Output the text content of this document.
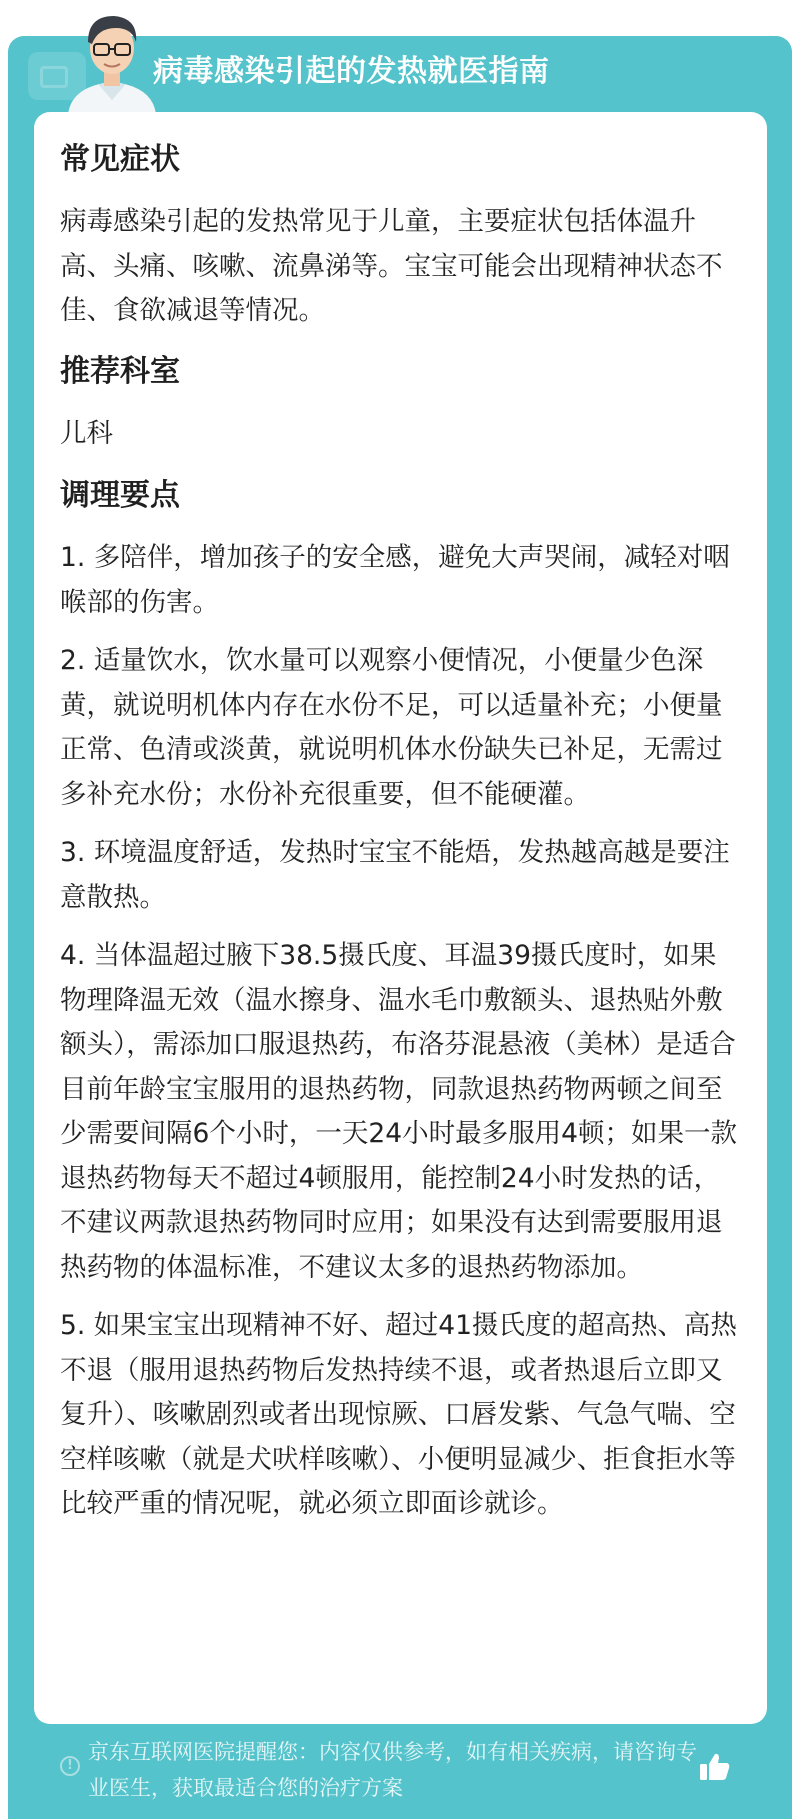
病毒感染引起的发热就医指南
常见症状
病毒感染引起的发热常见于儿童，主要症状包括体温升高、头痛、咳嗽、流鼻涕等。宝宝可能会出现精神状态不佳、食欲减退等情况。
推荐科室
儿科
调理要点
1. 多陪伴，增加孩子的安全感，避免大声哭闹，减轻对咽喉部的伤害。
2. 适量饮水，饮水量可以观察小便情况，小便量少色深黄，就说明机体内存在水份不足，可以适量补充；小便量正常、色清或淡黄，就说明机体水份缺失已补足，无需过多补充水份；水份补充很重要，但不能硬灌。
3. 环境温度舒适，发热时宝宝不能焐，发热越高越是要注意散热。
4. 当体温超过腋下38.5摄氏度、耳温39摄氏度时，如果物理降温无效（温水擦身、温水毛巾敷额头、退热贴外敷额头），需添加口服退热药，布洛芬混悬液（美林）是适合目前年龄宝宝服用的退热药物，同款退热药物两顿之间至少需要间隔6个小时，一天24小时最多服用4顿；如果一款退热药物每天不超过4顿服用，能控制24小时发热的话，不建议两款退热药物同时应用；如果没有达到需要服用退热药物的体温标准，不建议太多的退热药物添加。
5. 如果宝宝出现精神不好、超过41摄氏度的超高热、高热不退（服用退热药物后发热持续不退，或者热退后立即又复升）、咳嗽剧烈或者出现惊厥、口唇发紫、气急气喘、空空样咳嗽（就是犬吠样咳嗽）、小便明显减少、拒食拒水等比较严重的情况呢，就必须立即面诊就诊。
!
京东互联网医院提醒您：内容仅供参考，如有相关疾病，请咨询专业医生，获取最适合您的治疗方案
